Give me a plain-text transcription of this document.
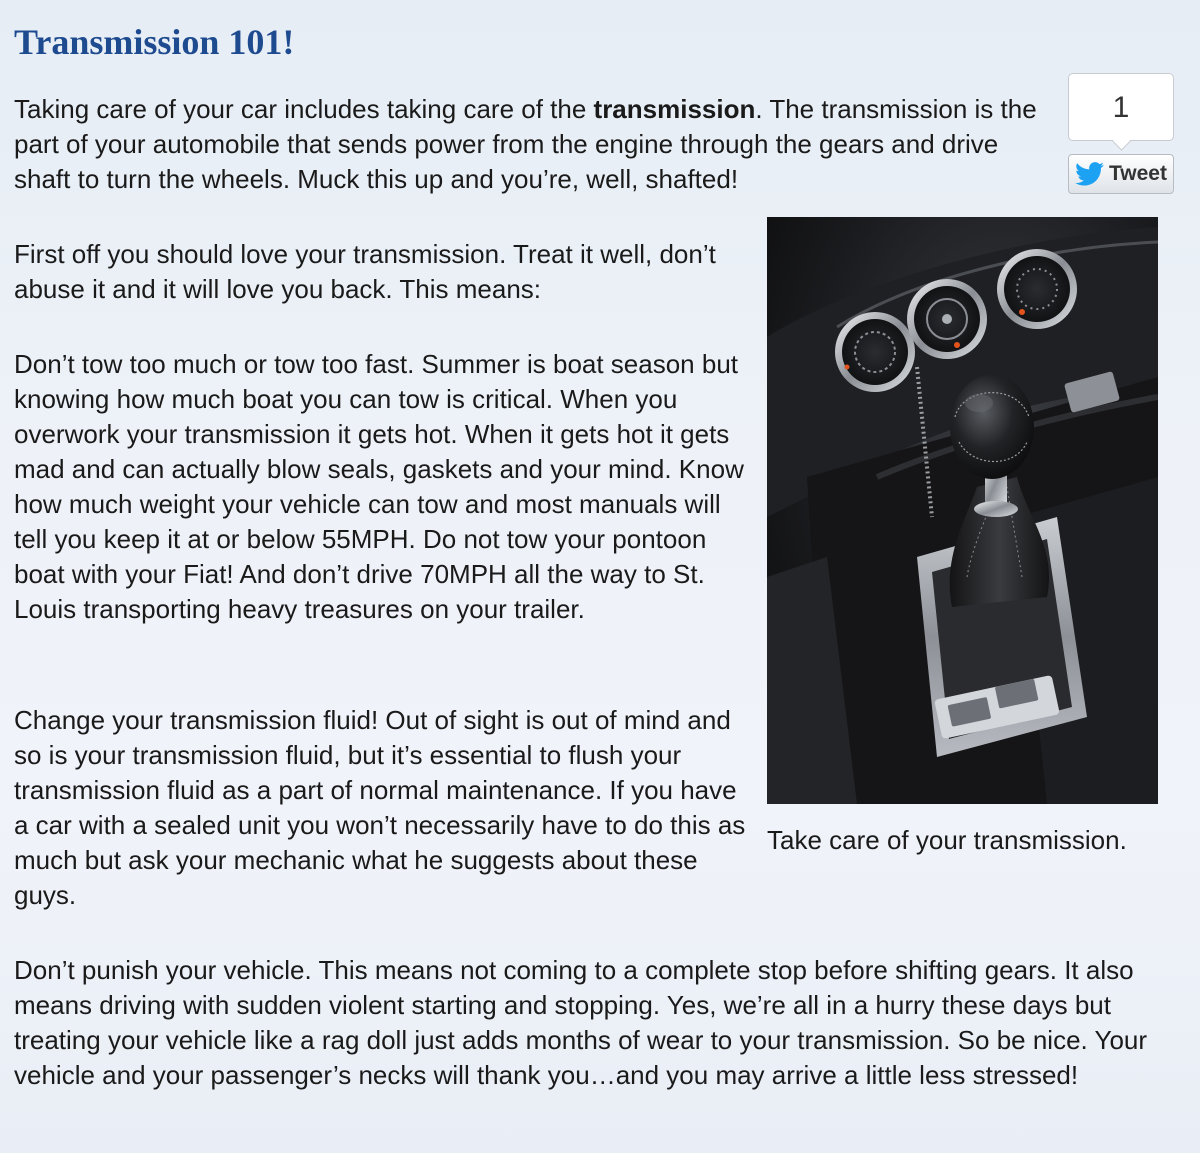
Transmission 101!

Taking care of your car includes taking care of the transmission. The transmission is the part of your automobile that sends power from the engine through the gears and drive shaft to turn the wheels. Muck this up and you’re, well, shafted!

1
Tweet

First off you should love your transmission. Treat it well, don’t abuse it and it will love you back. This means:

Take care of your transmission.

Don’t tow too much or tow too fast. Summer is boat season but knowing how much boat you can tow is critical. When you overwork your transmission it gets hot. When it gets hot it gets mad and can actually blow seals, gaskets and your mind. Know how much weight your vehicle can tow and most manuals will tell you keep it at or below 55MPH. Do not tow your pontoon boat with your Fiat! And don’t drive 70MPH all the way to St. Louis transporting heavy treasures on your trailer.

Change your transmission fluid! Out of sight is out of mind and so is your transmission fluid, but it’s essential to flush your transmission fluid as a part of normal maintenance. If you have a car with a sealed unit you won’t necessarily have to do this as much but ask your mechanic what he suggests about these guys.

Don’t punish your vehicle. This means not coming to a complete stop before shifting gears. It also means driving with sudden violent starting and stopping. Yes, we’re all in a hurry these days but treating your vehicle like a rag doll just adds months of wear to your transmission. So be nice. Your vehicle and your passenger’s necks will thank you…and you may arrive a little less stressed!
